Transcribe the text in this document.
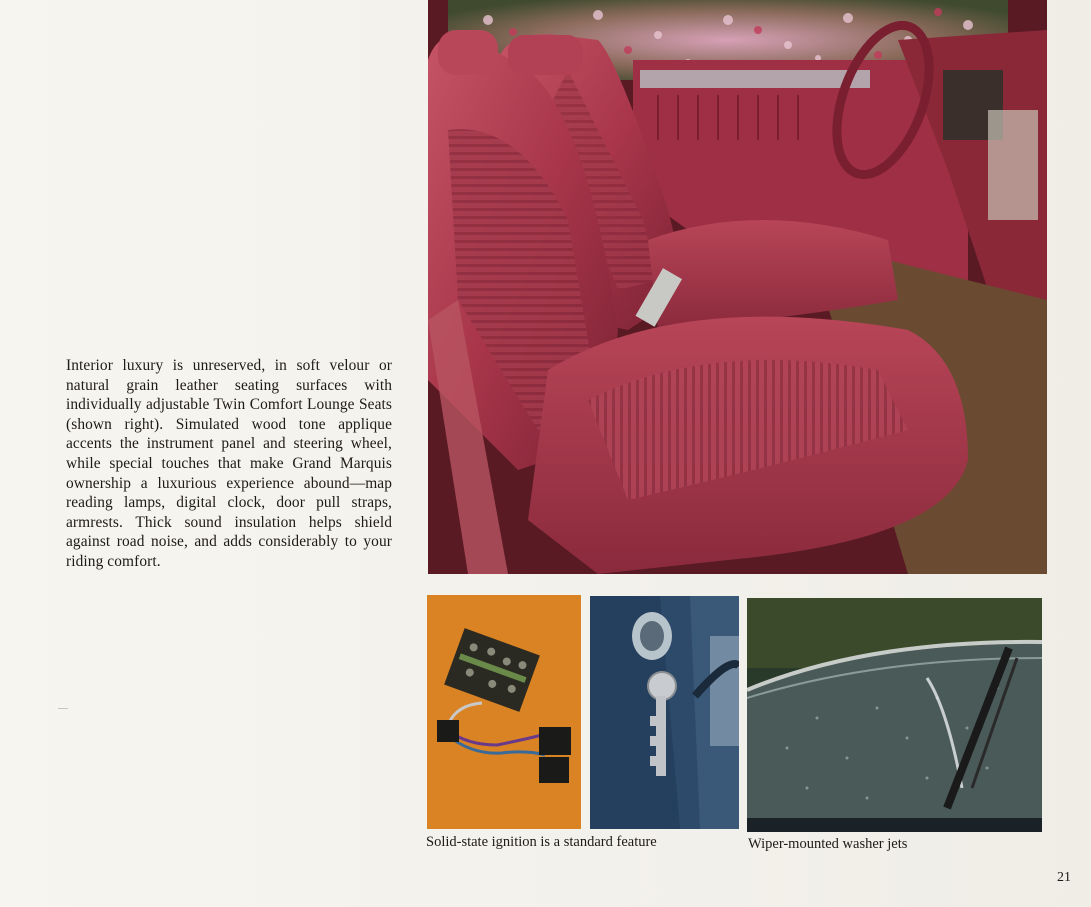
Interior luxury is unreserved, in soft velour or natural grain leather seating surfaces with individually adjustable Twin Comfort Lounge Seats (shown right). Simulated wood tone applique accents the instrument panel and steering wheel, while special touches that make Grand Marquis ownership a luxurious experience abound—map reading lamps, digital clock, door pull straps, armrests. Thick sound insulation helps shield against road noise, and adds considerably to your riding comfort.

Solid-state ignition is a standard feature	Wiper-mounted washer jets

21
